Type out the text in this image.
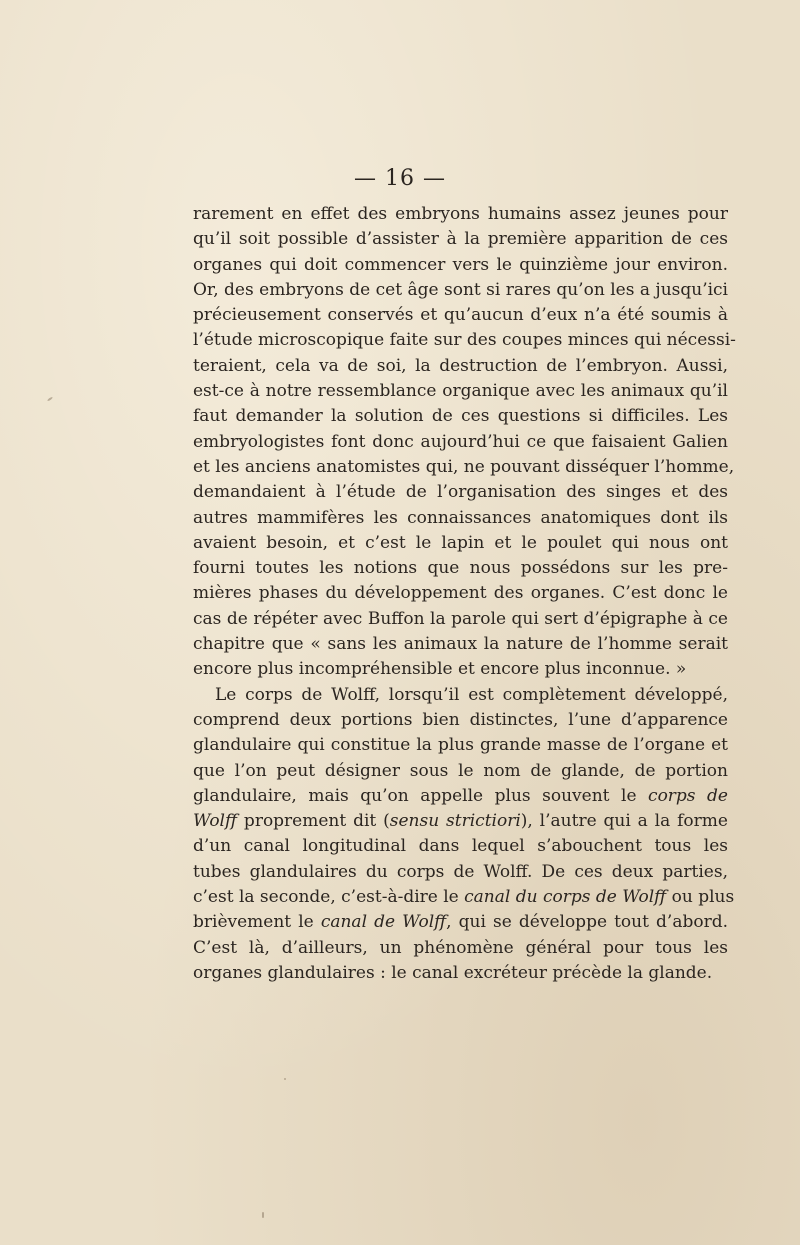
— 16 —
rarement en effet des embryons humains assez jeunes pour
qu’il soit possible d’assister à la première apparition de ces
organes qui doit commencer vers le quinzième jour environ.
Or, des embryons de cet âge sont si rares qu’on les a jusqu’ici
précieusement conservés et qu’aucun d’eux n’a été soumis à
l’étude microscopique faite sur des coupes minces qui nécessi-
teraient, cela va de soi, la destruction de l’embryon. Aussi,
est-ce à notre ressemblance organique avec les animaux qu’il
faut demander la solution de ces questions si difficiles. Les
embryologistes font donc aujourd’hui ce que faisaient Galien
et les anciens anatomistes qui, ne pouvant disséquer l’homme,
demandaient à l’étude de l’organisation des singes et des
autres mammifères les connaissances anatomiques dont ils
avaient besoin, et c’est le lapin et le poulet qui nous ont
fourni toutes les notions que nous possédons sur les pre-
mières phases du développement des organes. C’est donc le
cas de répéter avec Buffon la parole qui sert d’épigraphe à ce
chapitre que « sans les animaux la nature de l’homme serait
encore plus incompréhensible et encore plus inconnue. »
Le corps de Wolff, lorsqu’il est complètement développé,
comprend deux portions bien distinctes, l’une d’apparence
glandulaire qui constitue la plus grande masse de l’organe et
que l’on peut désigner sous le nom de glande, de portion
glandulaire, mais qu’on appelle plus souvent le corps de
Wolff proprement dit (sensu strictiori), l’autre qui a la forme
d’un canal longitudinal dans lequel s’abouchent tous les
tubes glandulaires du corps de Wolff. De ces deux parties,
c’est la seconde, c’est-à-dire le canal du corps de Wolff ou plus
brièvement le canal de Wolff, qui se développe tout d’abord.
C’est là, d’ailleurs, un phénomène général pour tous les
organes glandulaires : le canal excréteur précède la glande.
